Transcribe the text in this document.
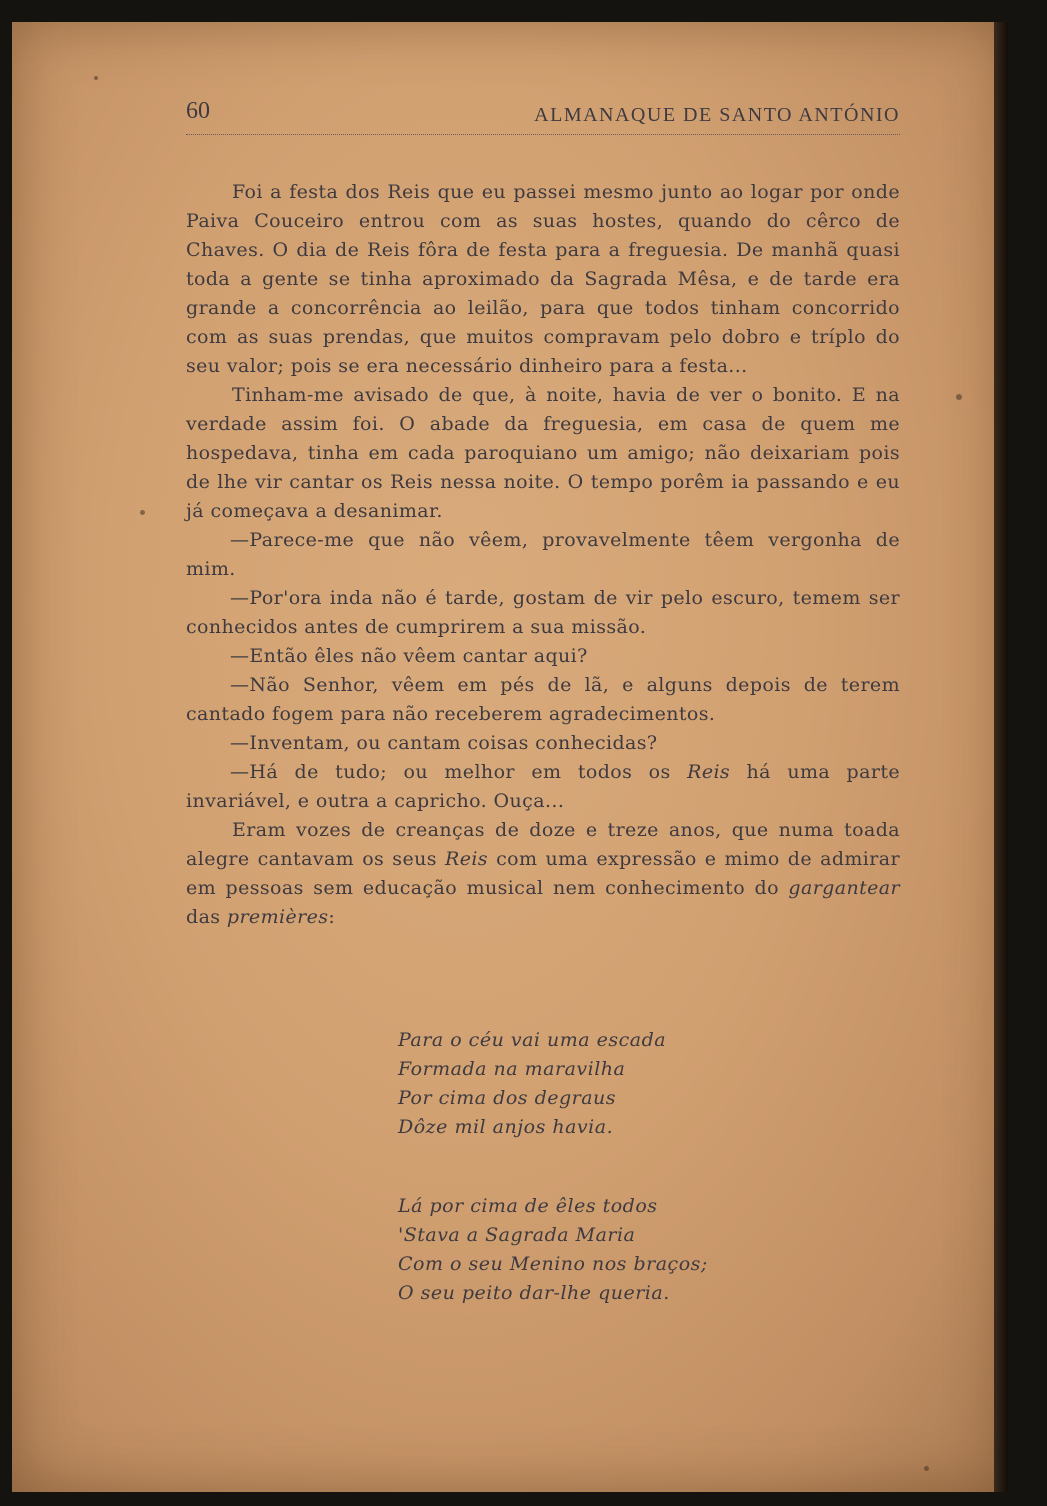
60	ALMANAQUE DE SANTO ANTÓNIO

Foi a festa dos Reis que eu passei mesmo junto ao logar por onde Paiva Couceiro entrou com as suas hostes, quando do cêrco de Chaves. O dia de Reis fôra de festa para a freguesia. De manhã quasi toda a gente se tinha aproximado da Sagrada Mêsa, e de tarde era grande a concorrência ao leilão, para que todos tinham concorrido com as suas prendas, que muitos compravam pelo dobro e tríplo do seu valor; pois se era necessário dinheiro para a festa...

Tinham-me avisado de que, à noite, havia de ver o bonito. E na verdade assim foi. O abade da freguesia, em casa de quem me hospedava, tinha em cada paroquiano um amigo; não deixariam pois de lhe vir cantar os Reis nessa noite. O tempo porêm ia passando e eu já começava a desanimar.

—Parece-me que não vêem, provavelmente têem vergonha de mim.

—Por'ora inda não é tarde, gostam de vir pelo escuro, temem ser conhecidos antes de cumprirem a sua missão.

—Então êles não vêem cantar aqui?

—Não Senhor, vêem em pés de lã, e alguns depois de terem cantado fogem para não receberem agradecimentos.

—Inventam, ou cantam coisas conhecidas?

—Há de tudo; ou melhor em todos os Reis há uma parte invariável, e outra a capricho. Ouça...

Eram vozes de creanças de doze e treze anos, que numa toada alegre cantavam os seus Reis com uma expressão e mimo de admirar em pessoas sem educação musical nem conhecimento do gargantear das premières:

Para o céu vai uma escada
Formada na maravilha
Por cima dos degraus
Dôze mil anjos havia.
Lá por cima de êles todos
'Stava a Sagrada Maria
Com o seu Menino nos braços;
O seu peito dar-lhe queria.
